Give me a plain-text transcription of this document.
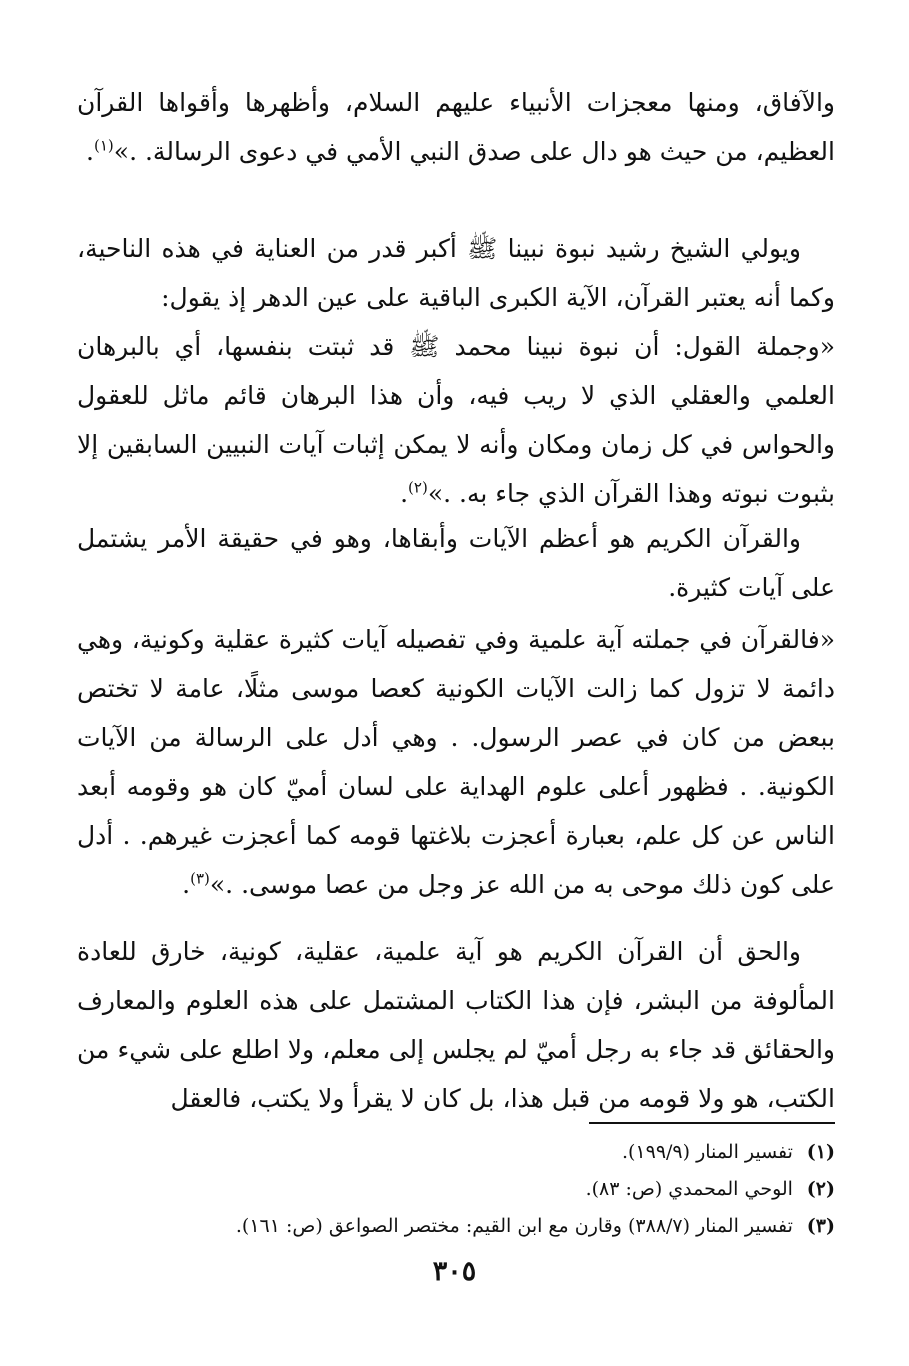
والآفاق، ومنها معجزات الأنبياء عليهم السلام، وأظهرها وأقواها القرآن العظيم، من حيث هو دال على صدق النبي الأمي في دعوى الرسالة. .»$^{(١)}$.

ويولي الشيخ رشيد نبوة نبينا ﷺ أكبر قدر من العناية في هذه الناحية، وكما أنه يعتبر القرآن، الآية الكبرى الباقية على عين الدهر إذ يقول:

«وجملة القول: أن نبوة نبينا محمد ﷺ قد ثبتت بنفسها، أي بالبرهان العلمي والعقلي الذي لا ريب فيه، وأن هذا البرهان قائم ماثل للعقول والحواس في كل زمان ومكان وأنه لا يمكن إثبات آيات النبيين السابقين إلا بثبوت نبوته وهذا القرآن الذي جاء به. .»$^{(٢)}$.

والقرآن الكريم هو أعظم الآيات وأبقاها، وهو في حقيقة الأمر يشتمل على آيات كثيرة.

«فالقرآن في جملته آية علمية وفي تفصيله آيات كثيرة عقلية وكونية، وهي دائمة لا تزول كما زالت الآيات الكونية كعصا موسى مثلًا، عامة لا تختص ببعض من كان في عصر الرسول. . وهي أدل على الرسالة من الآيات الكونية. . فظهور أعلى علوم الهداية على لسان أميّ كان هو وقومه أبعد الناس عن كل علم، بعبارة أعجزت بلاغتها قومه كما أعجزت غيرهم. . أدل على كون ذلك موحى به من الله عز وجل من عصا موسى. .»$^{(٣)}$.

والحق أن القرآن الكريم هو آية علمية، عقلية، كونية، خارق للعادة المألوفة من البشر، فإن هذا الكتاب المشتمل على هذه العلوم والمعارف والحقائق قد جاء به رجل أميّ لم يجلس إلى معلم، ولا اطلع على شيء من الكتب، هو ولا قومه من قبل هذا، بل كان لا يقرأ ولا يكتب، فالعقل

(١) تفسير المنار (١٩٩/٩).
(٢) الوحي المحمدي (ص: ٨٣).
(٣) تفسير المنار (٣٨٨/٧) وقارن مع ابن القيم: مختصر الصواعق (ص: ١٦١).
٣٠٥
